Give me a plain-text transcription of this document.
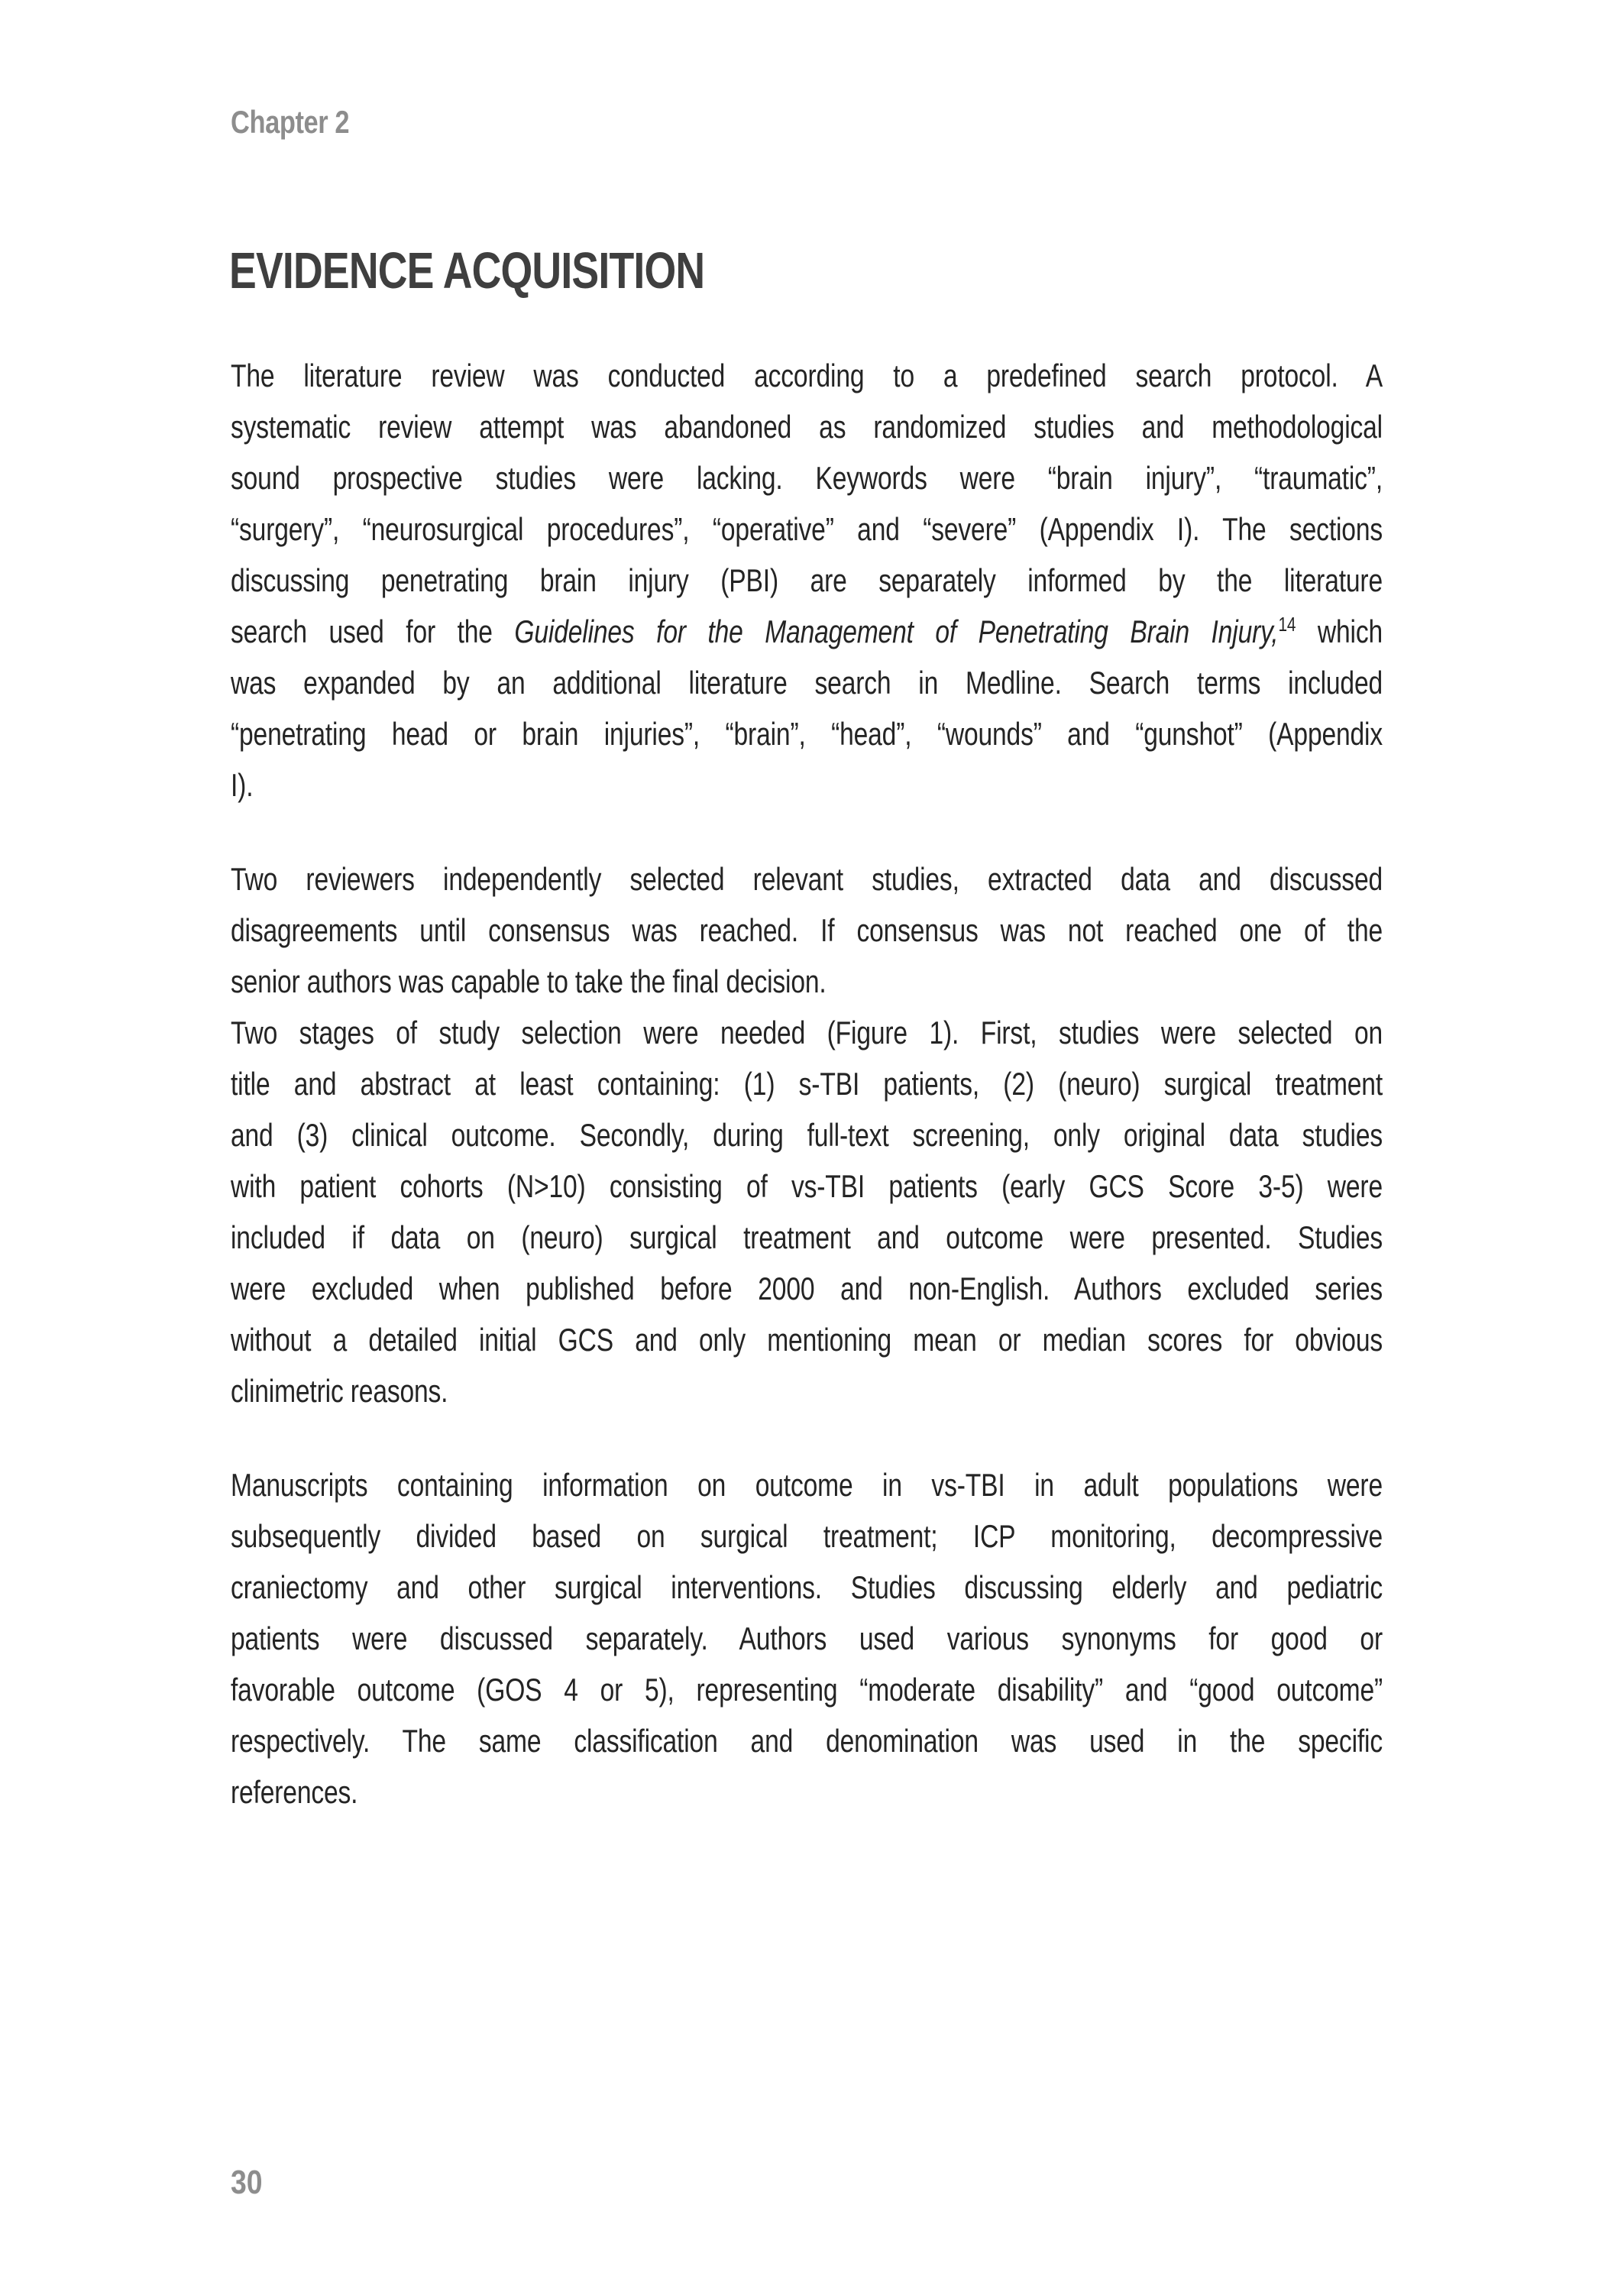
Chapter 2
EVIDENCE ACQUISITION
The literature review was conducted according to a predefined search protocol. A
systematic review attempt was abandoned as randomized studies and methodological
sound prospective studies were lacking. Keywords were “brain injury”, “traumatic”,
“surgery”, “neurosurgical procedures”, “operative” and “severe” (Appendix I). The sections
discussing penetrating brain injury (PBI) are separately informed by the literature
search used for the Guidelines for the Management of Penetrating Brain Injury,$^{14}$ which
was expanded by an additional literature search in Medline. Search terms included
“penetrating head or brain injuries”, “brain”, “head”, “wounds” and “gunshot” (Appendix
I).
Two reviewers independently selected relevant studies, extracted data and discussed
disagreements until consensus was reached. If consensus was not reached one of the
senior authors was capable to take the final decision.
Two stages of study selection were needed (Figure 1). First, studies were selected on
title and abstract at least containing: (1) s-TBI patients, (2) (neuro) surgical treatment
and (3) clinical outcome. Secondly, during full-text screening, only original data studies
with patient cohorts (N>10) consisting of vs-TBI patients (early GCS Score 3-5) were
included if data on (neuro) surgical treatment and outcome were presented. Studies
were excluded when published before 2000 and non-English. Authors excluded series
without a detailed initial GCS and only mentioning mean or median scores for obvious
clinimetric reasons.
Manuscripts containing information on outcome in vs-TBI in adult populations were
subsequently divided based on surgical treatment; ICP monitoring, decompressive
craniectomy and other surgical interventions. Studies discussing elderly and pediatric
patients were discussed separately. Authors used various synonyms for good or
favorable outcome (GOS 4 or 5), representing “moderate disability” and “good outcome”
respectively. The same classification and denomination was used in the specific
references.
30
